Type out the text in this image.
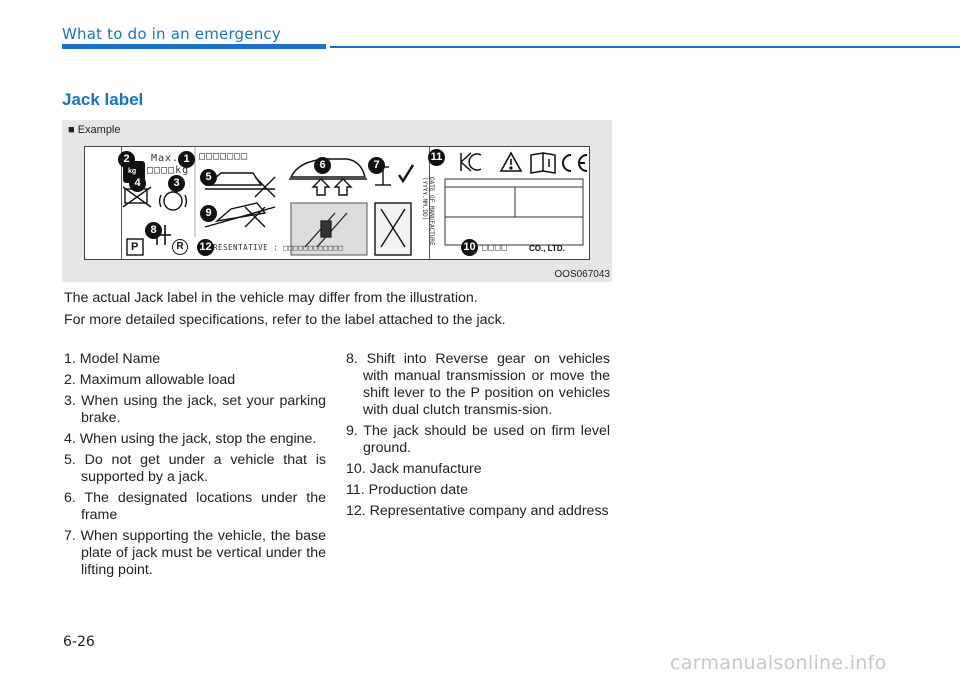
What to do in an emergency
Jack label
■ Example
1
2
3
4	5
6	7
8
9
10
11
12
Max.
□□□□kg
kg
□□□□□□□
RESENTATIVE : □□□□□□□□□□□□
DATE OF MANUFACTURE (YYYY.MM.DD)
□□□□	CO., LTD.
P	R
OOS067043
The actual Jack label in the vehicle may differ from the illustration.
For more detailed specifications, refer to the label attached to the jack.
1. Model Name
2. Maximum allowable load
3. When using the jack, set your parking brake.
4. When using the jack, stop the engine.
5. Do not get under a vehicle that is supported by a jack.
6. The designated locations under the frame
7. When supporting the vehicle, the base plate of jack must be vertical under the lifting point.
8. Shift into Reverse gear on vehicles with manual transmission or move the shift lever to the P position on vehicles with dual clutch transmis-sion.
9. The jack should be used on firm level ground.
10. Jack manufacture
11. Production date
12. Representative company and address
6-26
carmanualsonline.info
